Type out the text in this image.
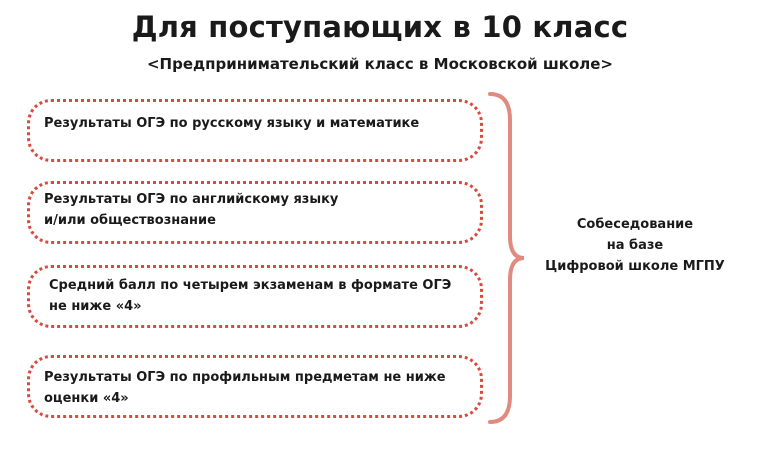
Для поступающих в 10 класс
<Предпринимательский класс в Московской школе>
Результаты ОГЭ по русскому языку и математике
Результаты ОГЭ по английскому языку
и/или обществознание
Средний балл по четырем экзаменам в формате ОГЭ
не ниже «4»
Результаты ОГЭ по профильным предметам не ниже
оценки «4»
Собеседование
на базе
Цифровой школе МГПУ
